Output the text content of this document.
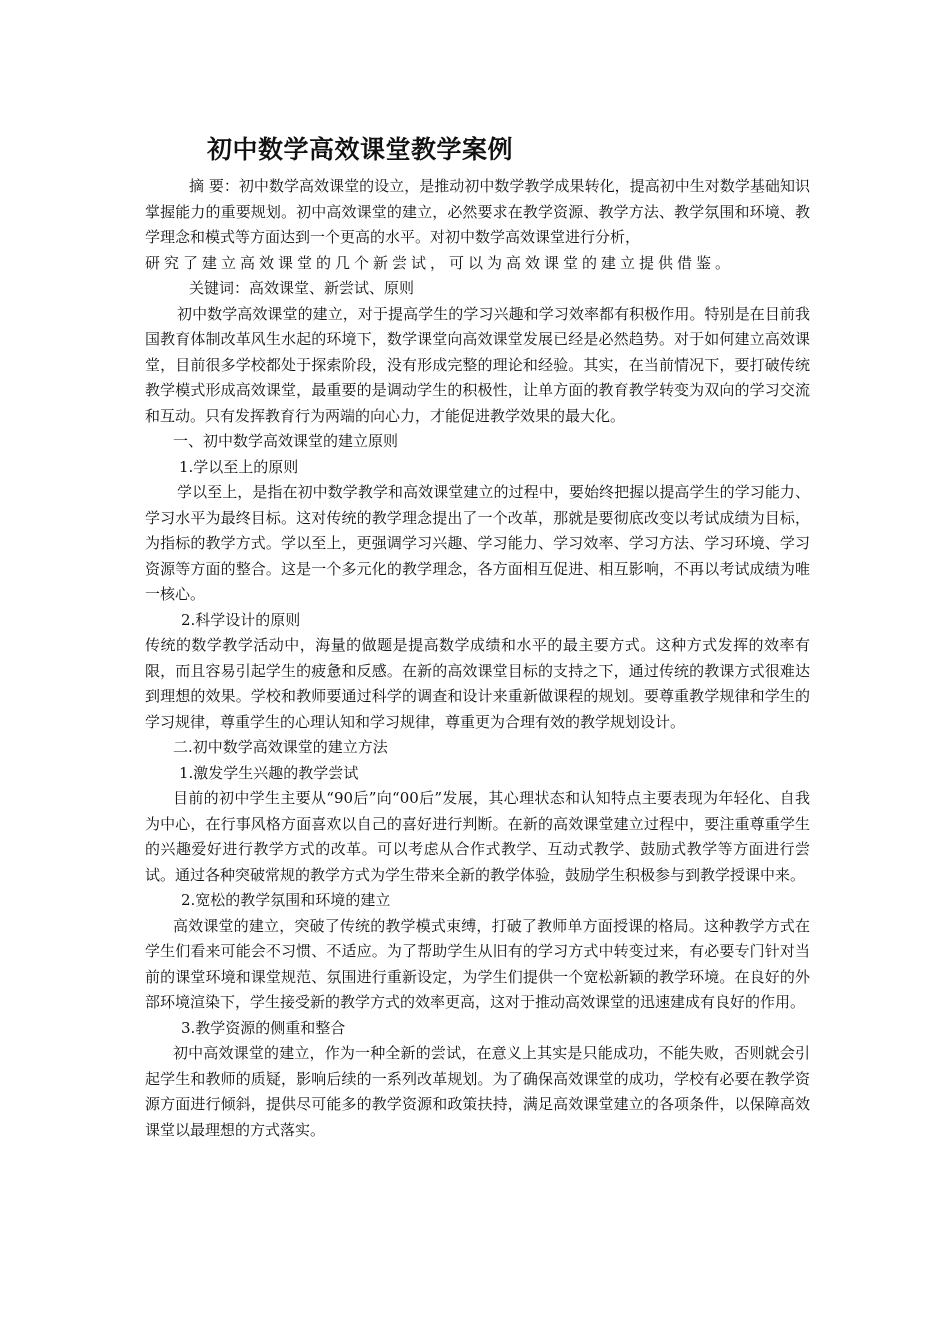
初中数学高效课堂教学案例

摘 要：初中数学高效课堂的设立，是推动初中数学教学成果转化，提高初中生对数学基础知识掌握能力的重要规划。初中高效课堂的建立，必然要求在教学资源、教学方法、教学氛围和环境、教学理念和模式等方面达到一个更高的水平。对初中数学高效课堂进行分析，

研究了建立高效课堂的几个新尝试，可以为高效课堂的建立提供借鉴。

关键词：高效课堂、新尝试、原则

初中数学高效课堂的建立，对于提高学生的学习兴趣和学习效率都有积极作用。特别是在目前我国教育体制改革风生水起的环境下，数学课堂向高效课堂发展已经是必然趋势。对于如何建立高效课堂，目前很多学校都处于探索阶段，没有形成完整的理论和经验。其实，在当前情况下，要打破传统教学模式形成高效课堂，最重要的是调动学生的积极性，让单方面的教育教学转变为双向的学习交流和互动。只有发挥教育行为两端的向心力，才能促进教学效果的最大化。

一、初中数学高效课堂的建立原则

1.学以至上的原则

学以至上，是指在初中数学教学和高效课堂建立的过程中，要始终把握以提高学生的学习能力、学习水平为最终目标。这对传统的教学理念提出了一个改革，那就是要彻底改变以考试成绩为目标，为指标的教学方式。学以至上，更强调学习兴趣、学习能力、学习效率、学习方法、学习环境、学习资源等方面的整合。这是一个多元化的教学理念，各方面相互促进、相互影响，不再以考试成绩为唯一核心。

2.科学设计的原则

传统的数学教学活动中，海量的做题是提高数学成绩和水平的最主要方式。这种方式发挥的效率有限，而且容易引起学生的疲惫和反感。在新的高效课堂目标的支持之下，通过传统的教课方式很难达到理想的效果。学校和教师要通过科学的调查和设计来重新做课程的规划。要尊重教学规律和学生的学习规律，尊重学生的心理认知和学习规律，尊重更为合理有效的教学规划设计。

二.初中数学高效课堂的建立方法

1.激发学生兴趣的教学尝试

目前的初中学生主要从“90后”向“00后”发展，其心理状态和认知特点主要表现为年轻化、自我为中心，在行事风格方面喜欢以自己的喜好进行判断。在新的高效课堂建立过程中，要注重尊重学生的兴趣爱好进行教学方式的改革。可以考虑从合作式教学、互动式教学、鼓励式教学等方面进行尝试。通过各种突破常规的教学方式为学生带来全新的教学体验，鼓励学生积极参与到教学授课中来。

2.宽松的教学氛围和环境的建立

高效课堂的建立，突破了传统的教学模式束缚，打破了教师单方面授课的格局。这种教学方式在学生们看来可能会不习惯、不适应。为了帮助学生从旧有的学习方式中转变过来，有必要专门针对当前的课堂环境和课堂规范、氛围进行重新设定，为学生们提供一个宽松新颖的教学环境。在良好的外部环境渲染下，学生接受新的教学方式的效率更高，这对于推动高效课堂的迅速建成有良好的作用。

3.教学资源的侧重和整合

初中高效课堂的建立，作为一种全新的尝试，在意义上其实是只能成功，不能失败，否则就会引起学生和教师的质疑，影响后续的一系列改革规划。为了确保高效课堂的成功，学校有必要在教学资源方面进行倾斜，提供尽可能多的教学资源和政策扶持，满足高效课堂建立的各项条件，以保障高效课堂以最理想的方式落实。
